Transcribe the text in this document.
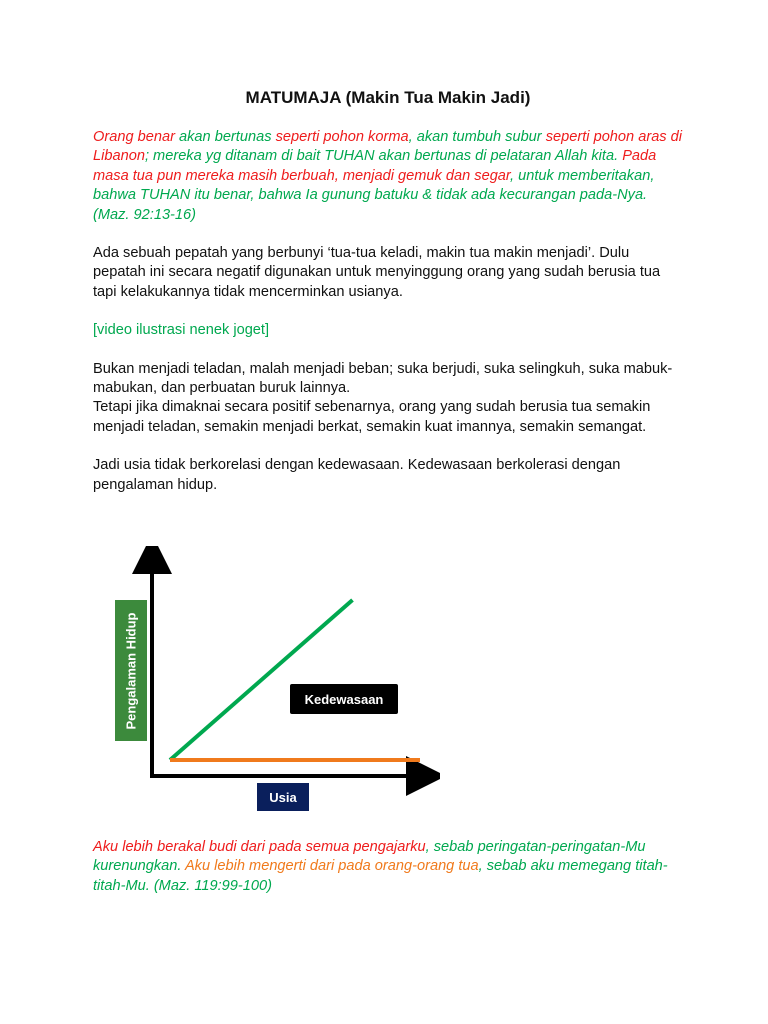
MATUMAJA (Makin Tua Makin Jadi)

Orang benar akan bertunas seperti pohon korma, akan tumbuh subur seperti pohon aras di Libanon; mereka yg ditanam di bait TUHAN akan bertunas di pelataran Allah kita. Pada masa tua pun mereka masih berbuah, menjadi gemuk dan segar, untuk memberitakan, bahwa TUHAN itu benar, bahwa Ia gunung batuku & tidak ada kecurangan pada-Nya. (Maz. 92:13-16)

Ada sebuah pepatah yang berbunyi ‘tua-tua keladi, makin tua makin menjadi’. Dulu pepatah ini secara negatif digunakan untuk menyinggung orang yang sudah berusia tua tapi kelakukannya tidak mencerminkan usianya.

[video ilustrasi nenek joget]

Bukan menjadi teladan, malah menjadi beban; suka berjudi, suka selingkuh, suka mabuk-mabukan, dan perbuatan buruk lainnya.

Tetapi jika dimaknai secara positif sebenarnya, orang yang sudah berusia tua semakin menjadi teladan, semakin menjadi berkat, semakin kuat imannya, semakin semangat.

Jadi usia tidak berkorelasi dengan kedewasaan. Kedewasaan berkolerasi dengan pengalaman hidup.

Pengalaman Hidup
Usia
Kedewasaan

Aku lebih berakal budi dari pada semua pengajarku, sebab peringatan-peringatan-Mu kurenungkan. Aku lebih mengerti dari pada orang-orang tua, sebab aku memegang titah-titah-Mu. (Maz. 119:99-100)
